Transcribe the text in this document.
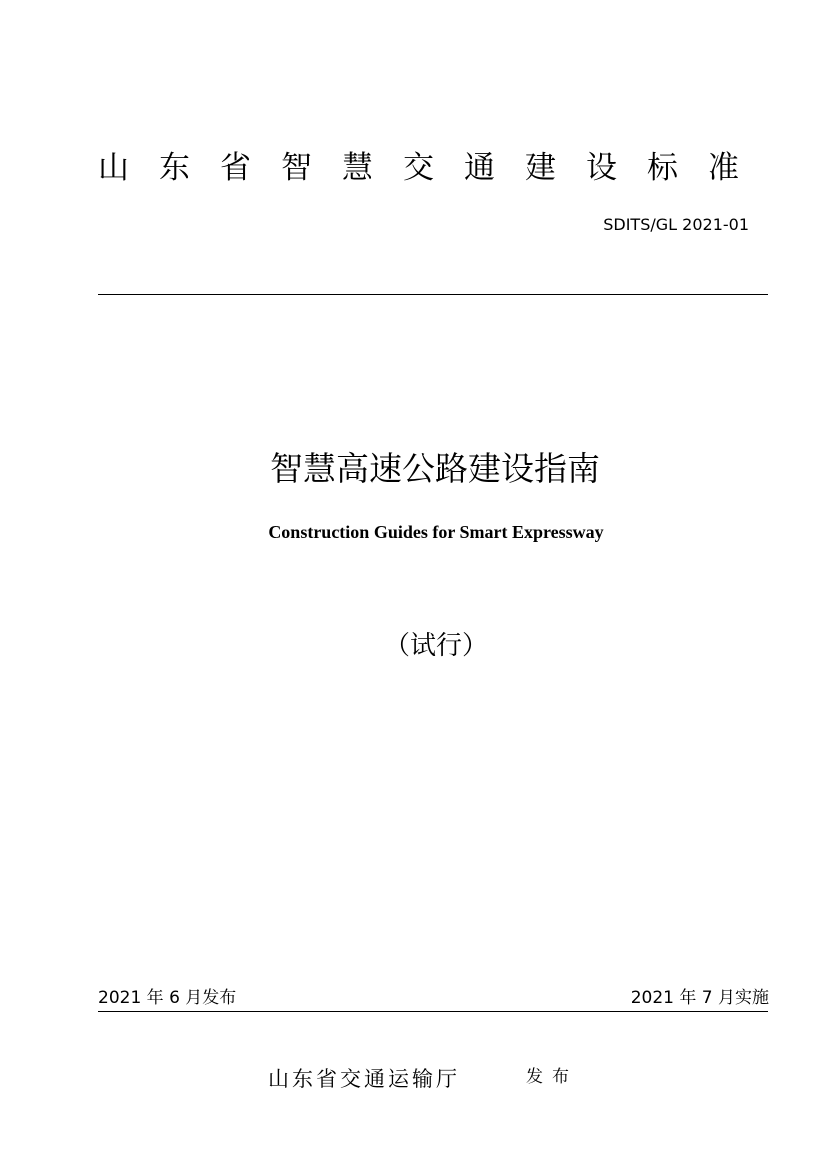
山东省智慧交通建设标准
SDITS/GL 2021-01
智慧高速公路建设指南
Construction Guides for Smart Expressway
（试行）
2021 年 6 月发布	2021 年 7 月实施
山东省交通运输厅	发布
